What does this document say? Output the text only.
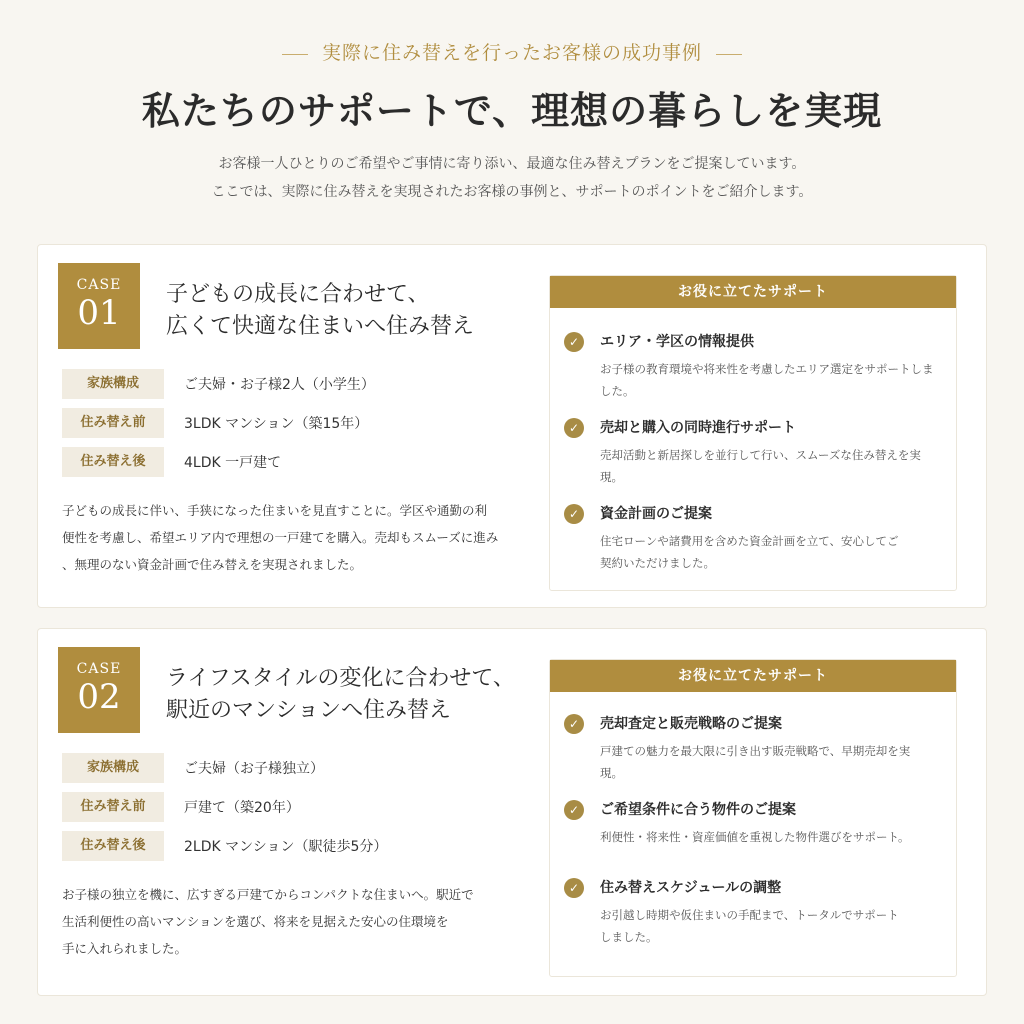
実際に住み替えを行ったお客様の成功事例
私たちのサポートで、理想の暮らしを実現
お客様一人ひとりのご希望やご事情に寄り添い、最適な住み替えプランをご提案しています。
ここでは、実際に住み替えを実現されたお客様の事例と、サポートのポイントをご紹介します。
CASE
01	子どもの成長に合わせて、
広くて快適な住まいへ住み替え
家族構成	ご夫婦・お子様2人（小学生）
住み替え前	3LDK マンション（築15年）
住み替え後	4LDK 一戸建て
子どもの成長に伴い、手狭になった住まいを見直すことに。学区や通勤の利
便性を考慮し、希望エリア内で理想の一戸建てを購入。売却もスムーズに進み
、無理のない資金計画で住み替えを実現されました。
お役に立てたサポート
✓	エリア・学区の情報提供
お子様の教育環境や将来性を考慮したエリア選定をサポートしま
した。
✓	売却と購入の同時進行サポート
売却活動と新居探しを並行して行い、スムーズな住み替えを実
現。
✓	資金計画のご提案
住宅ローンや諸費用を含めた資金計画を立て、安心してご
契約いただけました。
CASE
02	ライフスタイルの変化に合わせて、
駅近のマンションへ住み替え
家族構成	ご夫婦（お子様独立）
住み替え前	戸建て（築20年）
住み替え後	2LDK マンション（駅徒歩5分）
お子様の独立を機に、広すぎる戸建てからコンパクトな住まいへ。駅近で
生活利便性の高いマンションを選び、将来を見据えた安心の住環境を
手に入れられました。
お役に立てたサポート
✓	売却査定と販売戦略のご提案
戸建ての魅力を最大限に引き出す販売戦略で、早期売却を実
現。
✓	ご希望条件に合う物件のご提案
利便性・将来性・資産価値を重視した物件選びをサポート。
✓	住み替えスケジュールの調整
お引越し時期や仮住まいの手配まで、トータルでサポート
しました。
